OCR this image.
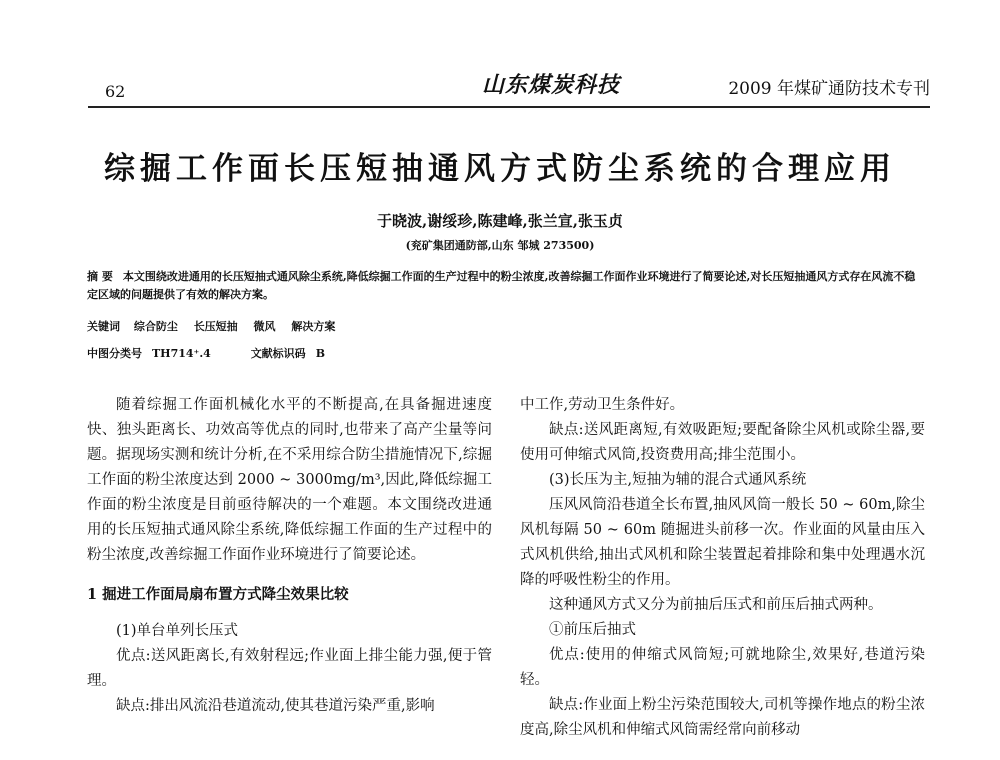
62	山东煤炭科技	2009 年煤矿通防技术专刊
综掘工作面长压短抽通风方式防尘系统的合理应用
于晓波,谢绥珍,陈建峰,张兰宣,张玉贞
(兖矿集团通防部,山东 邹城 273500)
摘 要 本文围绕改进通用的长压短抽式通风除尘系统,降低综掘工作面的生产过程中的粉尘浓度,改善综掘工作面作业环境进行了简要论述,对长压短抽通风方式存在风流不稳定区域的问题提供了有效的解决方案。
关键词 综合防尘 长压短抽 微风 解决方案
中图分类号 TH714⁺.4	文献标识码 B

随着综掘工作面机械化水平的不断提高,在具备掘进速度快、独头距离长、功效高等优点的同时,也带来了高产尘量等问题。据现场实测和统计分析,在不采用综合防尘措施情况下,综掘工作面的粉尘浓度达到 2000 ~ 3000mg/m³,因此,降低综掘工作面的粉尘浓度是目前亟待解决的一个难题。本文围绕改进通用的长压短抽式通风除尘系统,降低综掘工作面的生产过程中的粉尘浓度,改善综掘工作面作业环境进行了简要论述。

1 掘进工作面局扇布置方式降尘效果比较

(1)单台单列长压式

优点:送风距离长,有效射程远;作业面上排尘能力强,便于管理。

缺点:排出风流沿巷道流动,使其巷道污染严重,影响

中工作,劳动卫生条件好。

缺点:送风距离短,有效吸距短;要配备除尘风机或除尘器,要使用可伸缩式风筒,投资费用高;排尘范围小。

(3)长压为主,短抽为辅的混合式通风系统

压风风筒沿巷道全长布置,抽风风筒一般长 50 ~ 60m,除尘风机每隔 50 ~ 60m 随掘进头前移一次。作业面的风量由压入式风机供给,抽出式风机和除尘装置起着排除和集中处理遇水沉降的呼吸性粉尘的作用。

这种通风方式又分为前抽后压式和前压后抽式两种。

①前压后抽式

优点:使用的伸缩式风筒短;可就地除尘,效果好,巷道污染轻。

缺点:作业面上粉尘污染范围较大,司机等操作地点的粉尘浓度高,除尘风机和伸缩式风筒需经常向前移动
